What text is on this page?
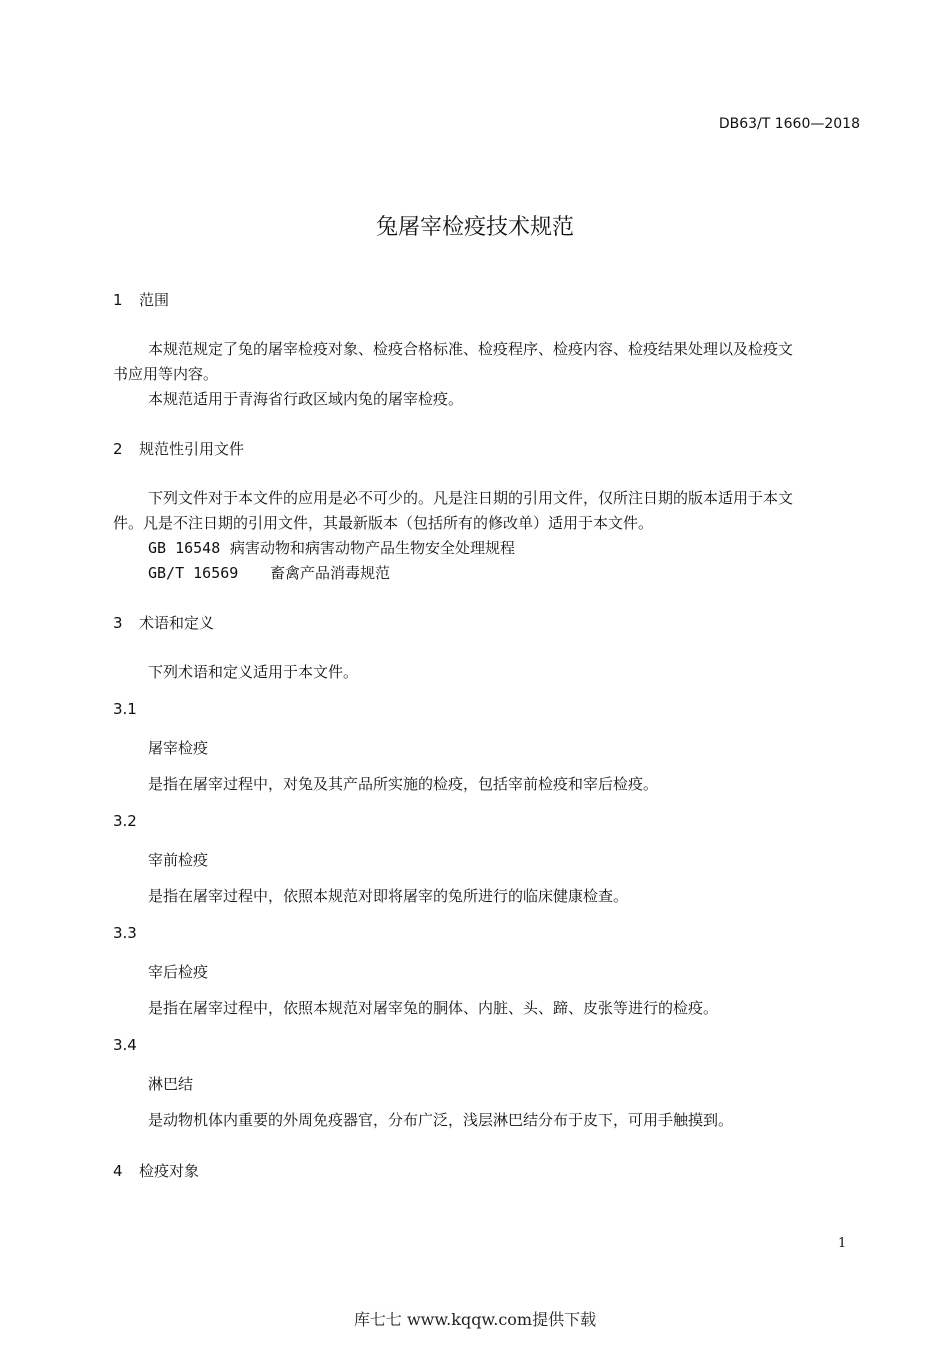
DB63/T 1660—2018
兔屠宰检疫技术规范
1 范围
本规范规定了兔的屠宰检疫对象、检疫合格标准、检疫程序、检疫内容、检疫结果处理以及检疫文
书应用等内容。
本规范适用于青海省行政区域内兔的屠宰检疫。
2 规范性引用文件
下列文件对于本文件的应用是必不可少的。凡是注日期的引用文件，仅所注日期的版本适用于本文
件。凡是不注日期的引用文件，其最新版本（包括所有的修改单）适用于本文件。
GB 16548 病害动物和病害动物产品生物安全处理规程
GB/T 16569 畜禽产品消毒规范
3 术语和定义
下列术语和定义适用于本文件。
3.1
屠宰检疫
是指在屠宰过程中，对兔及其产品所实施的检疫，包括宰前检疫和宰后检疫。
3.2
宰前检疫
是指在屠宰过程中，依照本规范对即将屠宰的兔所进行的临床健康检查。
3.3
宰后检疫
是指在屠宰过程中，依照本规范对屠宰兔的胴体、内脏、头、蹄、皮张等进行的检疫。
3.4
淋巴结
是动物机体内重要的外周免疫器官，分布广泛，浅层淋巴结分布于皮下，可用手触摸到。
4 检疫对象
1
库七七 www.kqqw.com提供下载
